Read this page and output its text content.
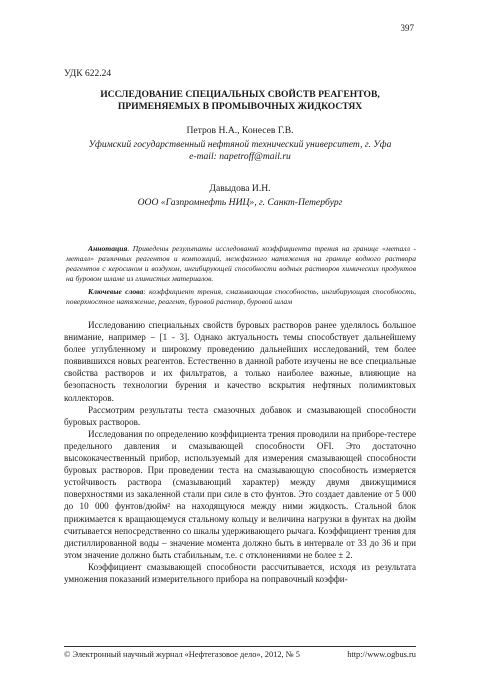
397
УДК 622.24
ИССЛЕДОВАНИЕ СПЕЦИАЛЬНЫХ СВОЙСТВ РЕАГЕНТОВ,
ПРИМЕНЯЕМЫХ В ПРОМЫВОЧНЫХ ЖИДКОСТЯХ
Петров Н.А., Конесев Г.В.
Уфимский государственный нефтяной технический университет, г. Уфа
e-mail: napetroff@mail.ru
Давыдова И.Н.
ООО «Газпромнефть НИЦ», г. Санкт-Петербург
Аннотация. Приведены результаты исследований коэффициента трения на границе «металл - металл» различных реагентов и композиций, межфазного натяжения на границе водного раствора реагентов с керосином и воздухом, ингибирующей способности водных растворов химических продуктов на буровом шламе из глинистых материалов.
Ключевые слова: коэффициент трения, смазывающая способность, ингибирующая способность, поверхностное натяжение, реагент, буровой раствор, буровой шлам

Исследованию специальных свойств буровых растворов ранее уделялось большое внимание, например – [1 - 3]. Однако актуальность темы способствует дальнейшему более углубленному и широкому проведению дальнейших исследований, тем более появившихся новых реагентов. Естественно в данной работе изучены не все специальные свойства растворов и их фильтратов, а только наиболее важные, влияющие на безопасность технологии бурения и качество вскрытия нефтяных полимиктовых коллекторов.

Рассмотрим результаты теста смазочных добавок и смазывающей способности буровых растворов.

Исследования по определению коэффициента трения проводили на приборе-тестере предельного давления и смазывающей способности OFI. Это достаточно высококачественный прибор, используемый для измерения смазывающей способности буровых растворов. При проведении теста на смазывающую способность измеряется устойчивость раствора (смазывающий характер) между двумя движущимися поверхностями из закаленной стали при силе в сто фунтов. Это создает давление от 5 000 до 10 000 фунтов/дюйм² на находящуюся между ними жидкость. Стальной блок прижимается к вращающемуся стальному кольцу и величина нагрузки в фунтах на дюйм считывается непосредственно со шкалы удерживающего рычага. Коэффициент трения для дистиллированной воды – значение момента должно быть в интервале от 33 до 36 и при этом значение должно быть стабильным, т.е. с отклонениями не более ± 2.

Коэффициент смазывающей способности рассчитывается, исходя из результата умножения показаний измерительного прибора на поправочный коэффи-

© Электронный научный журнал «Нефтегазовое дело», 2012, № 5	http://www.ogbus.ru
